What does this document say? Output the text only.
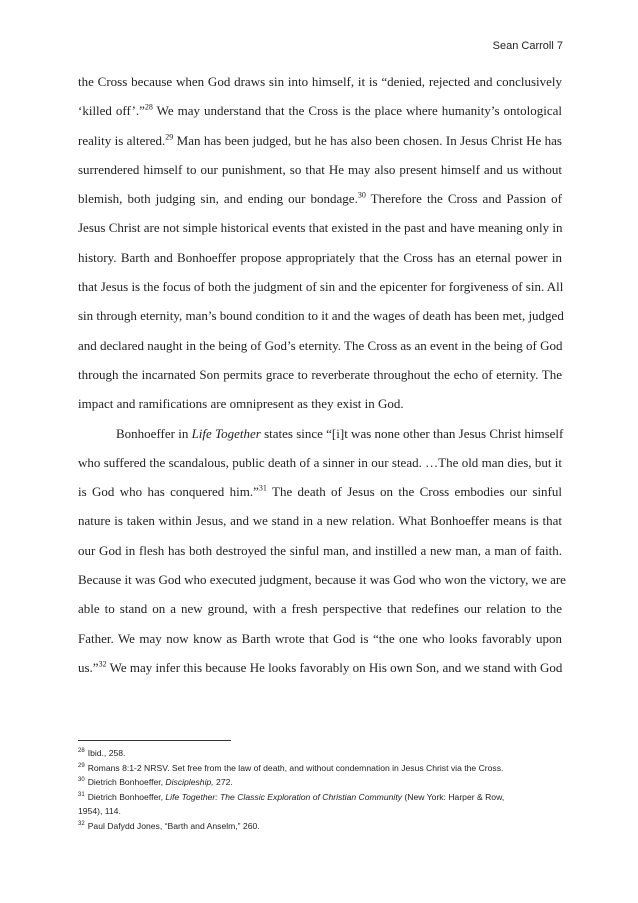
Sean Carroll 7
the Cross because when God draws sin into himself, it is “denied, rejected and conclusively
‘killed off’.”$^{28}$ We may understand that the Cross is the place where humanity’s ontological
reality is altered.$^{29}$ Man has been judged, but he has also been chosen. In Jesus Christ He has
surrendered himself to our punishment, so that He may also present himself and us without
blemish, both judging sin, and ending our bondage.$^{30}$ Therefore the Cross and Passion of
Jesus Christ are not simple historical events that existed in the past and have meaning only in
history. Barth and Bonhoeffer propose appropriately that the Cross has an eternal power in
that Jesus is the focus of both the judgment of sin and the epicenter for forgiveness of sin. All
sin through eternity, man’s bound condition to it and the wages of death has been met, judged
and declared naught in the being of God’s eternity. The Cross as an event in the being of God
through the incarnated Son permits grace to reverberate throughout the echo of eternity. The
impact and ramifications are omnipresent as they exist in God.
Bonhoeffer in Life Together states since “[i]t was none other than Jesus Christ himself
who suffered the scandalous, public death of a sinner in our stead. …The old man dies, but it
is God who has conquered him.”$^{31}$ The death of Jesus on the Cross embodies our sinful
nature is taken within Jesus, and we stand in a new relation. What Bonhoeffer means is that
our God in flesh has both destroyed the sinful man, and instilled a new man, a man of faith.
Because it was God who executed judgment, because it was God who won the victory, we are
able to stand on a new ground, with a fresh perspective that redefines our relation to the
Father. We may now know as Barth wrote that God is “the one who looks favorably upon
us.”$^{32}$ We may infer this because He looks favorably on His own Son, and we stand with God
$^{28}$ Ibid., 258.
$^{29}$ Romans 8:1-2 NRSV. Set free from the law of death, and without condemnation in Jesus Christ via the Cross.
$^{30}$ Dietrich Bonhoeffer, Discipleship, 272.
$^{31}$ Dietrich Bonhoeffer, Life Together: The Classic Exploration of Christian Community (New York: Harper & Row,
1954), 114.
$^{32}$ Paul Dafydd Jones, “Barth and Anselm,” 260.
